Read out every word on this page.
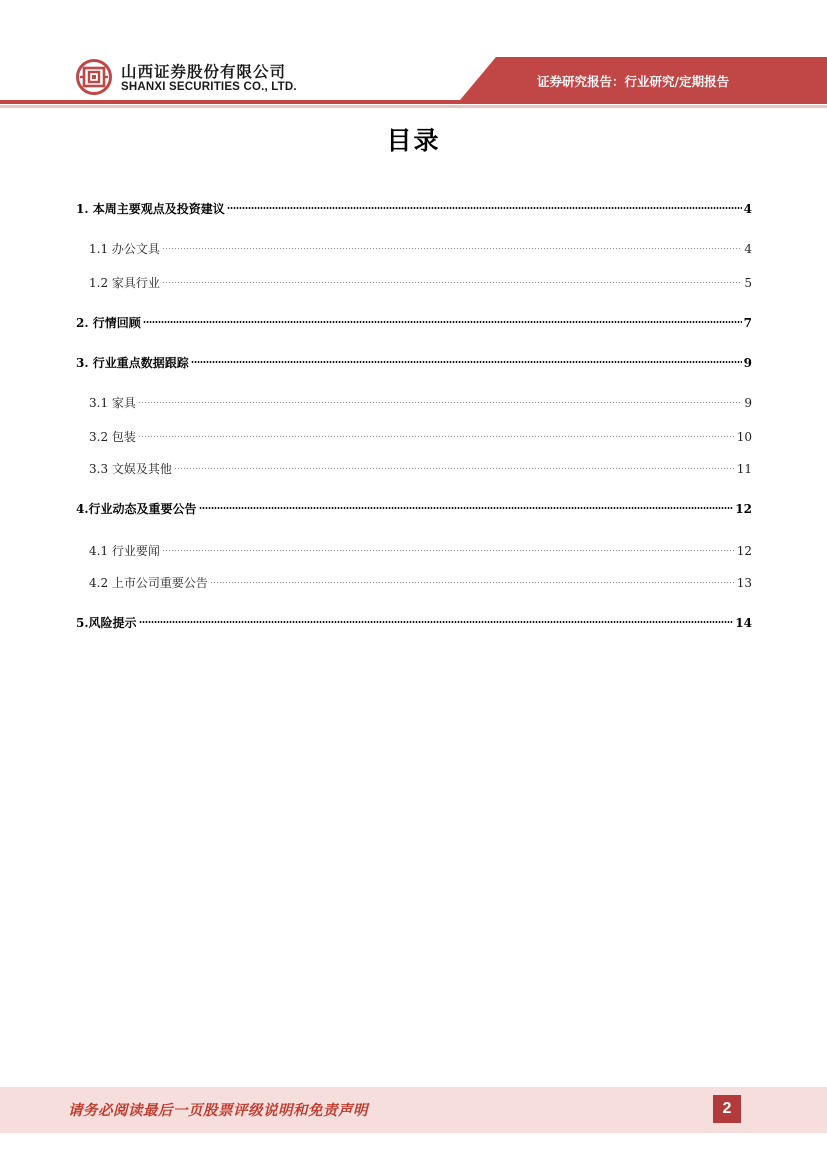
山西证券股份有限公司
SHANXI SECURITIES CO., LTD.	证券研究报告：行业研究/定期报告
目录
1. 本周主要观点及投资建议	4
1.1 办公文具	4
1.2 家具行业	5
2. 行情回顾	7
3. 行业重点数据跟踪	9
3.1 家具	9
3.2 包装	10
3.3 文娱及其他	11
4.行业动态及重要公告	12
4.1 行业要闻	12
4.2 上市公司重要公告	13
5.风险提示	14
请务必阅读最后一页股票评级说明和免责声明	2
